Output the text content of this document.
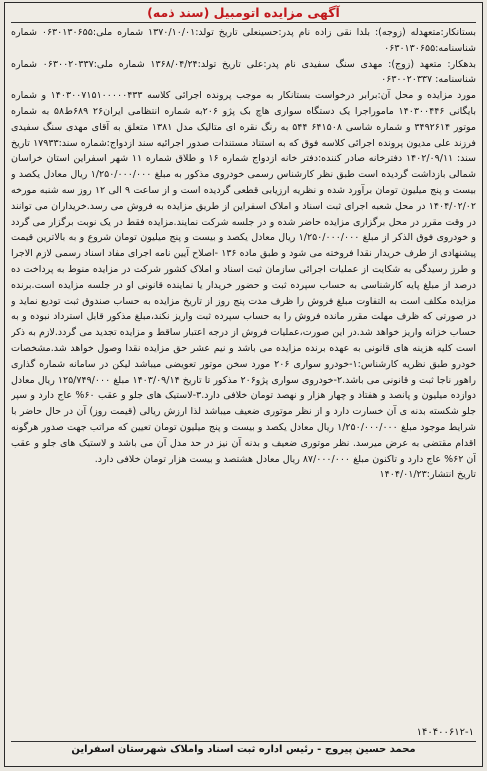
آگهی مزایده اتومبیل (سند ذمه)

بستانکار:متعهدله (زوجه): بلدا نقی زاده نام پدر:حسینعلی تاریخ تولد:۱۳۷۰/۱۰/۰۱ شماره ملی:۰۶۳۰۱۳۰۶۵۵ شماره شناسنامه:۰۶۳۰۱۳۰۶۵۵

بدهکار: متعهد (زوج): مهدی سنگ سفیدی نام پدر:علی تاریخ تولد:۱۳۶۸/۰۴/۲۴ شماره ملی:۰۶۳۰۰۲۰۳۳۷ شماره شناسنامه: ۰۶۳۰۰۲۰۳۳۷

مورد مزایده و محل آن:برابر درخواست بستانکار به موجب پرونده اجرائی کلاسه ۱۴۰۳۰۰۷۱۵۱۰۰۰۰۰۴۳۳ و شماره بایگانی ۱۴۰۳۰۰۴۴۶ ماموراجرا یک دستگاه سواری هاچ بک پژو ۲۰۶به شماره انتظامی ایران۲۶ ۶۸۹ط۵۸ به شماره موتور ۳۴۹۲۶۱۴ و شماره شاسی ۶۴۱۵۰۸ ۵۴۴ به رنگ نقره ای متالیک مدل ۱۳۸۱ متعلق به آقای مهدی سنگ سفیدی فرزند علی مدیون پرونده اجرائی کلاسه فوق که به استناد مستندات صدور اجرائیه سند ازدواج:شماره سند:۱۷۹۳۳ تاریخ سند: ۱۴۰۲/۰۹/۱۱ دفترخانه صادر کننده:دفتر خانه ازدواج شماره ۱۶ و طلاق شماره ۱۱ شهر اسفراین استان خراسان شمالی بازداشت گردیده است طبق نظر کارشناس رسمی خودروی مذکور به مبلغ ۱/۲۵۰/۰۰۰/۰۰۰ ریال معادل یکصد و بیست و پنج میلیون تومان برآورد شده و نظریه ارزیابی قطعی گردیده است و از ساعت ۹ الی ۱۲ روز سه شنبه مورخه ۱۴۰۴/۰۲/۰۲ در محل شعبه اجرای ثبت اسناد و املاک اسفراین از طریق مزایده به فروش می رسد.خریداران می توانند در وقت مقرر در محل برگزاری مزایده حاضر شده و در جلسه شرکت نمایند.مزایده فقط در یک نوبت برگزار می گردد و خودروی فوق الذکر از مبلغ ۱/۲۵۰/۰۰۰/۰۰۰ ریال معادل یکصد و بیست و پنج میلیون تومان شروع و به بالاترین قیمت پیشنهادی از طرف خریدار نقدا فروخته می شود و طبق ماده ۱۳۶ -اصلاح آیین نامه اجرای مفاد اسناد رسمی لازم الاجرا و طرز رسیدگی به شکایت از عملیات اجرائی سازمان ثبت اسناد و املاک کشور شرکت در مزایده منوط به پرداخت ده درصد از مبلغ پایه کارشناسی به حساب سپرده ثبت و حضور خریدار یا نماینده قانونی او در جلسه مزایده است.برنده مزایده مکلف است به التفاوت مبلغ فروش را ظرف مدت پنج روز از تاریخ مزایده به حساب صندوق ثبت تودیع نماید و در صورتی که ظرف مهلت مقرر مانده فروش را به حساب سپرده ثبت واریز نکند،مبلغ مذکور قابل استرداد نبوده و به حساب خزانه واریز خواهد شد.در این صورت،عملیات فروش از درجه اعتبار ساقط و مزایده تجدید می گردد.لازم به ذکر است کلیه هزینه های قانونی به عهده برنده مزایده می باشد و نیم عشر حق مزایده نقدا وصول خواهد شد.مشخصات خودرو طبق نظریه کارشناس:۱-خودرو سواری ۲۰۶ مورد سخن موتور تعویضی میباشد لیکن در سامانه شماره گذاری راهور ناجا ثبت و قانونی می باشد.۲-خودروی سواری پژو۲۰۶ مذکور تا تاریخ ۱۴۰۳/۰۹/۱۴ مبلغ ۱۲۵/۷۴۹/۰۰۰ ریال معادل دوازده میلیون و پانصد و هفتاد و چهار هزار و نهصد تومان خلافی دارد.۳-لاستیک های جلو و عقب ۶۰% عاج دارد و سپر جلو شکسته بدنه ی آن خسارت دارد و از نظر موتوری ضعیف میباشد لذا ارزش ریالی (قیمت روز) آن در حال حاضر با شرایط موجود مبلغ ۱/۲۵۰/۰۰۰/۰۰۰ ریال معادل یکصد و بیست و پنج میلیون تومان تعیین که مراتب جهت صدور هرگونه اقدام مقتضی به عرض میرسد. نظر موتوری ضعیف و بدنه آن نیز در حد مدل آن می باشد و لاستیک های جلو و عقب آن ۶۲% عاج دارد و تاکنون مبلغ ۸۷/۰۰۰/۰۰۰ ریال معادل هشتصد و بیست هزار تومان خلافی دارد.

تاریخ انتشار:۱۴۰۴/۰۱/۲۳

۱۴۰۴۰۰۶۱۲-۱
محمد حسین پیروج - رئیس اداره ثبت اسناد واملاک شهرستان اسفراین
